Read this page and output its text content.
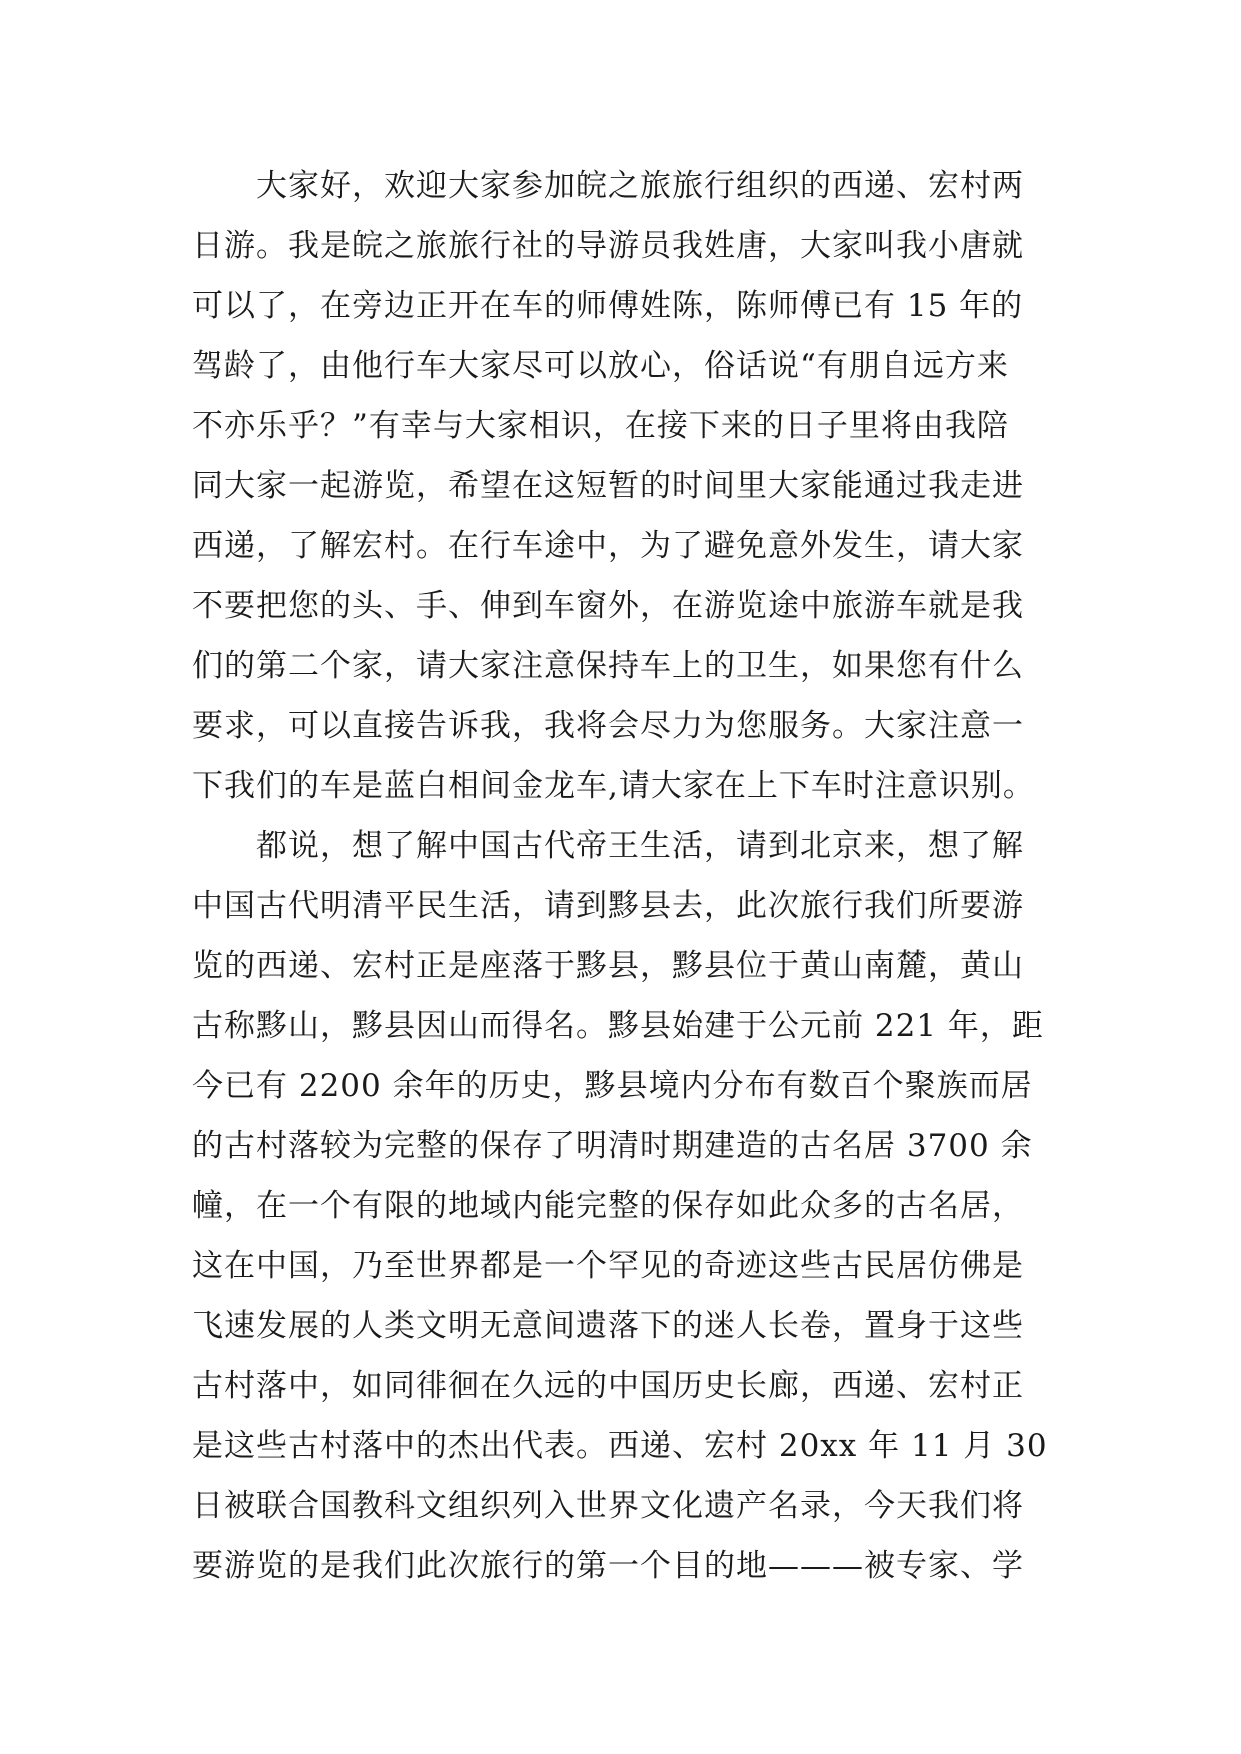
大家好，欢迎大家参加皖之旅旅行组织的西递、宏村两
日游。我是皖之旅旅行社的导游员我姓唐，大家叫我小唐就
可以了，在旁边正开在车的师傅姓陈，陈师傅已有 15 年的
驾龄了，由他行车大家尽可以放心，俗话说“有朋自远方来
不亦乐乎？”有幸与大家相识，在接下来的日子里将由我陪
同大家一起游览，希望在这短暂的时间里大家能通过我走进
西递，了解宏村。在行车途中，为了避免意外发生，请大家
不要把您的头、手、伸到车窗外，在游览途中旅游车就是我
们的第二个家，请大家注意保持车上的卫生，如果您有什么
要求，可以直接告诉我，我将会尽力为您服务。大家注意一
下我们的车是蓝白相间金龙车,请大家在上下车时注意识别。
都说，想了解中国古代帝王生活，请到北京来，想了解
中国古代明清平民生活，请到黟县去，此次旅行我们所要游
览的西递、宏村正是座落于黟县，黟县位于黄山南麓，黄山
古称黟山，黟县因山而得名。黟县始建于公元前 221 年，距
今已有 2200 余年的历史，黟县境内分布有数百个聚族而居
的古村落较为完整的保存了明清时期建造的古名居 3700 余
幢，在一个有限的地域内能完整的保存如此众多的古名居，
这在中国，乃至世界都是一个罕见的奇迹这些古民居仿佛是
飞速发展的人类文明无意间遗落下的迷人长卷，置身于这些
古村落中，如同徘徊在久远的中国历史长廊，西递、宏村正
是这些古村落中的杰出代表。西递、宏村 20xx 年 11 月 30
日被联合国教科文组织列入世界文化遗产名录，今天我们将
要游览的是我们此次旅行的第一个目的地———被专家、学
